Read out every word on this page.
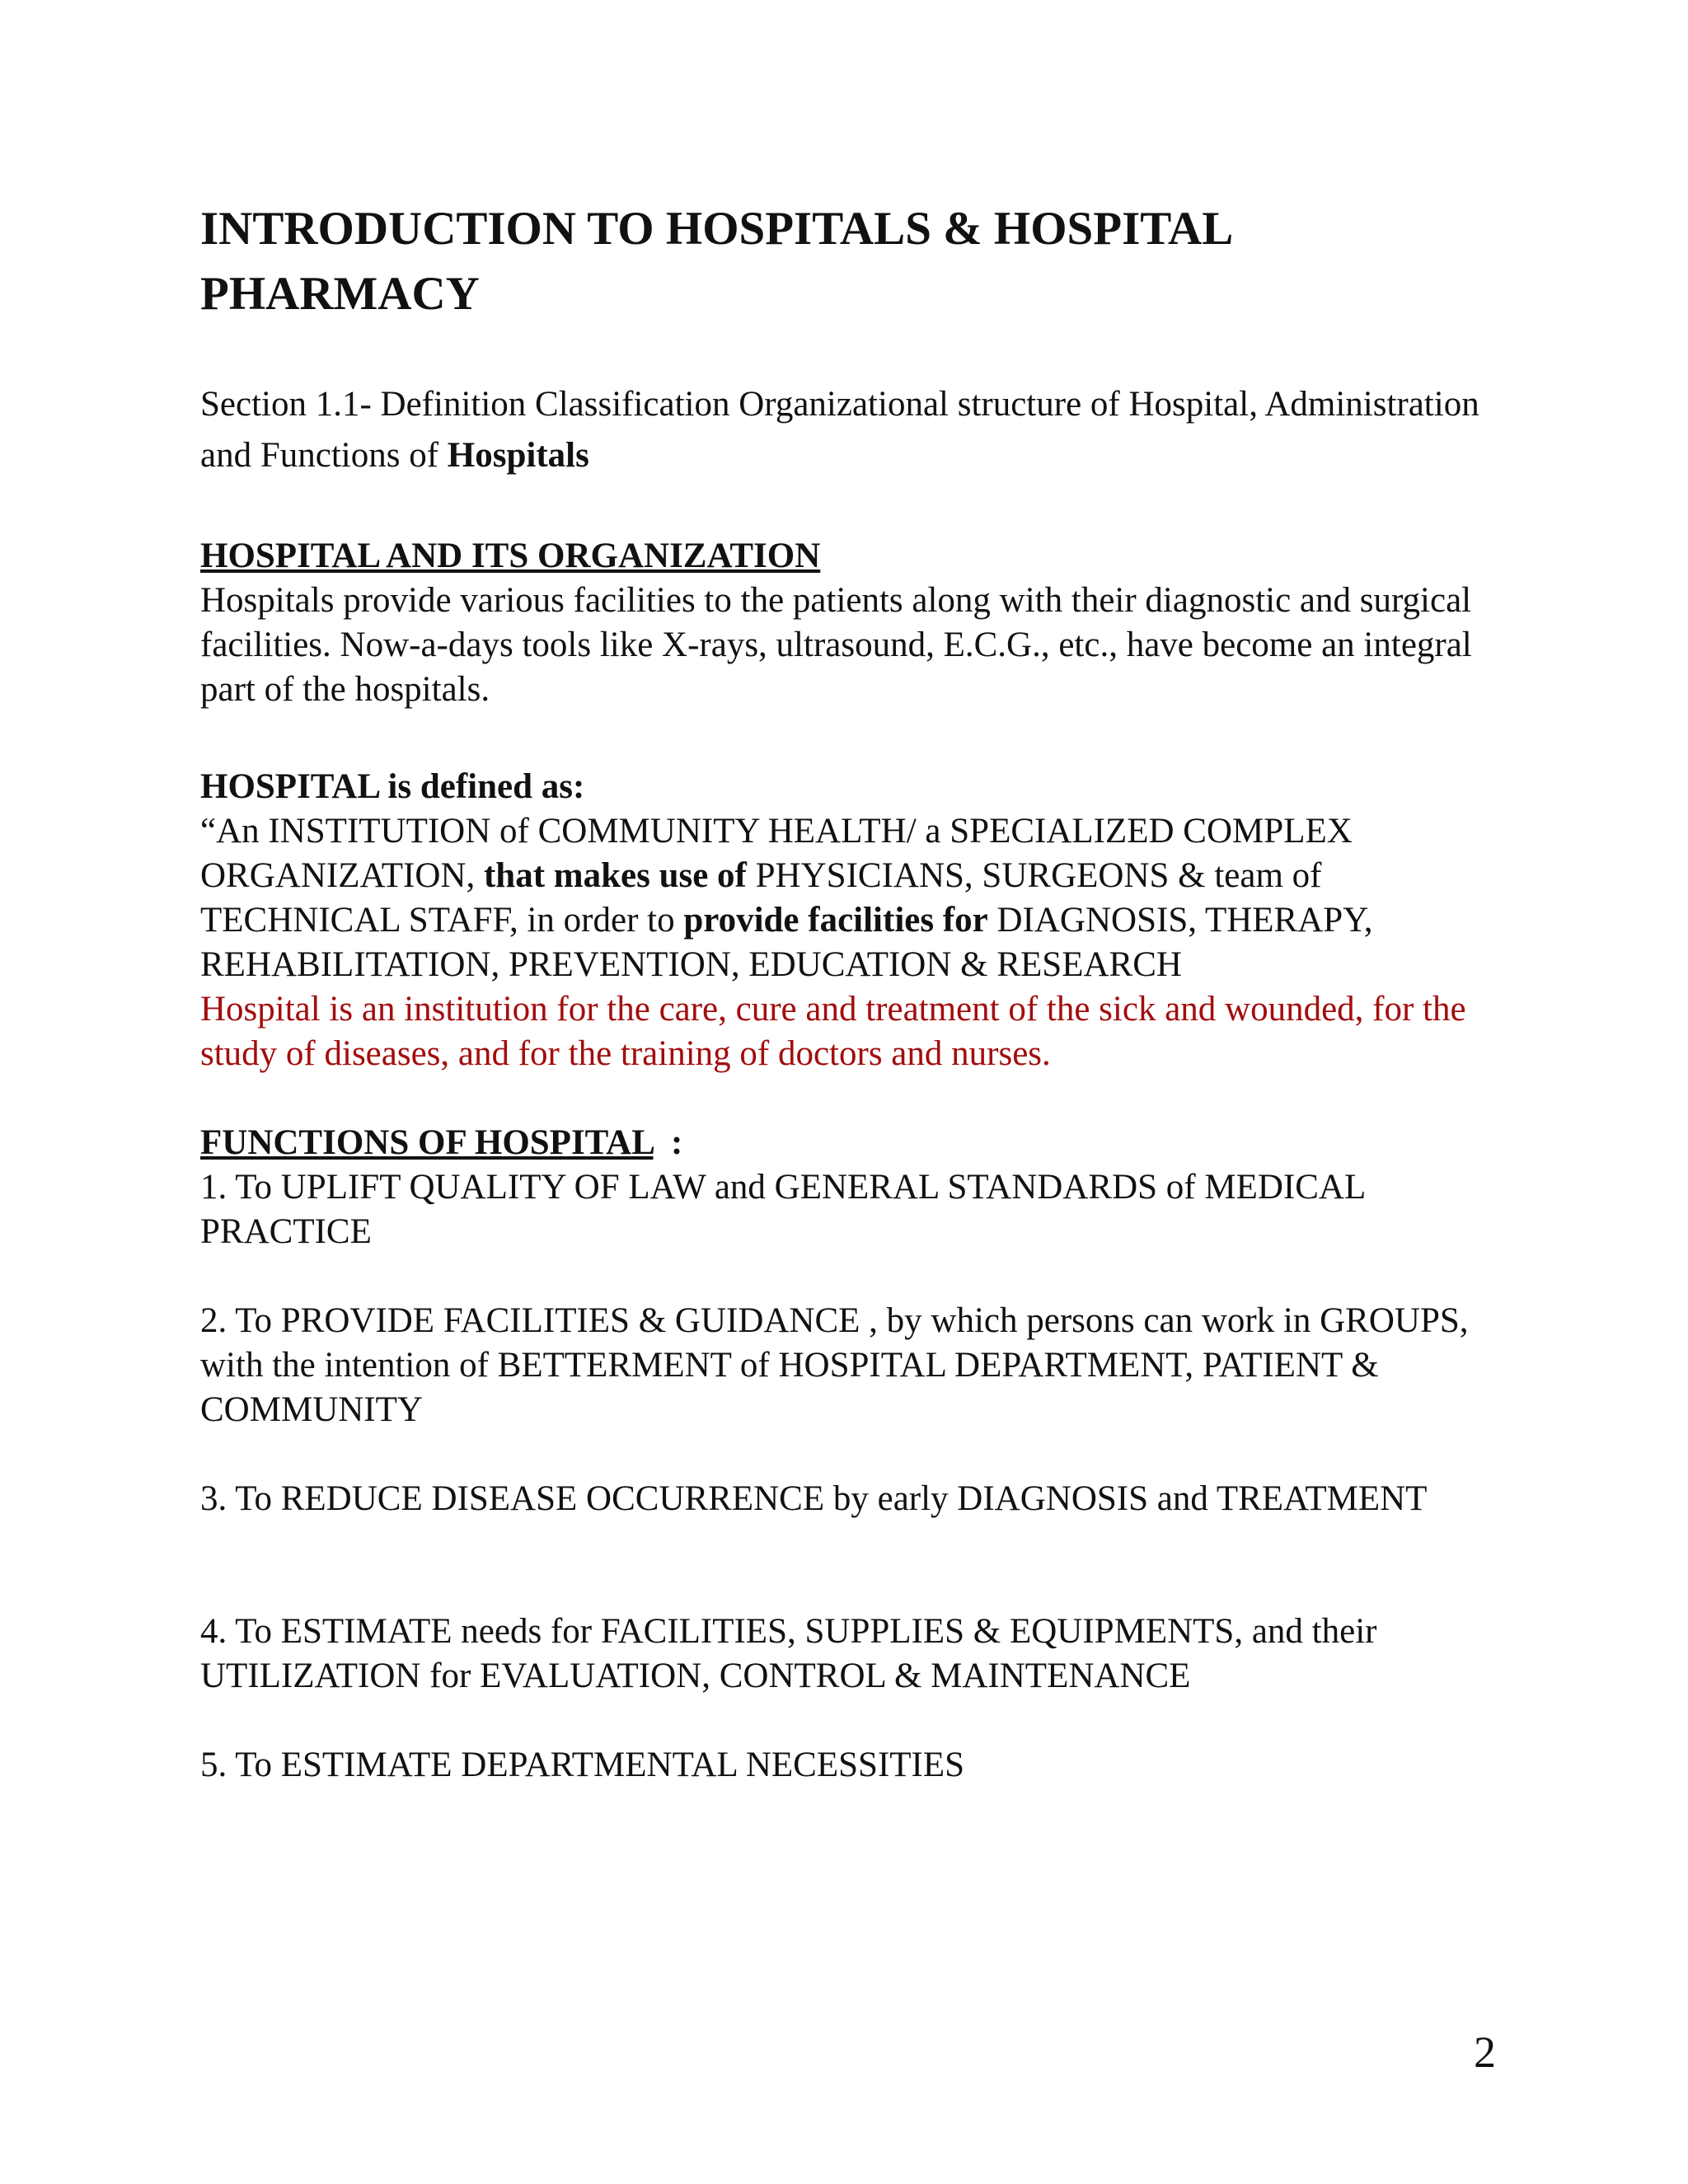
INTRODUCTION TO HOSPITALS & HOSPITAL PHARMACY
Section 1.1- Definition Classification Organizational structure of Hospital, Administration and Functions of Hospitals
HOSPITAL AND ITS ORGANIZATION
Hospitals provide various facilities to the patients along with their diagnostic and surgical facilities. Now-a-days tools like X-rays, ultrasound, E.C.G., etc., have become an integral part of the hospitals.
HOSPITAL is defined as:
“An INSTITUTION of COMMUNITY HEALTH/ a SPECIALIZED COMPLEX ORGANIZATION, that makes use of PHYSICIANS, SURGEONS & team of TECHNICAL STAFF, in order to provide facilities for DIAGNOSIS, THERAPY, REHABILITATION, PREVENTION, EDUCATION & RESEARCH
Hospital is an institution for the care, cure and treatment of the sick and wounded, for the study of diseases, and for the training of doctors and nurses.
FUNCTIONS OF HOSPITAL  :
1. To UPLIFT QUALITY OF LAW and GENERAL STANDARDS of MEDICAL PRACTICE
2. To PROVIDE FACILITIES & GUIDANCE , by which persons can work in GROUPS, with the intention of BETTERMENT of HOSPITAL DEPARTMENT, PATIENT & COMMUNITY
3. To REDUCE DISEASE OCCURRENCE by early DIAGNOSIS and TREATMENT
4. To ESTIMATE needs for FACILITIES, SUPPLIES & EQUIPMENTS, and their UTILIZATION for EVALUATION, CONTROL & MAINTENANCE
5. To ESTIMATE DEPARTMENTAL NECESSITIES
2
